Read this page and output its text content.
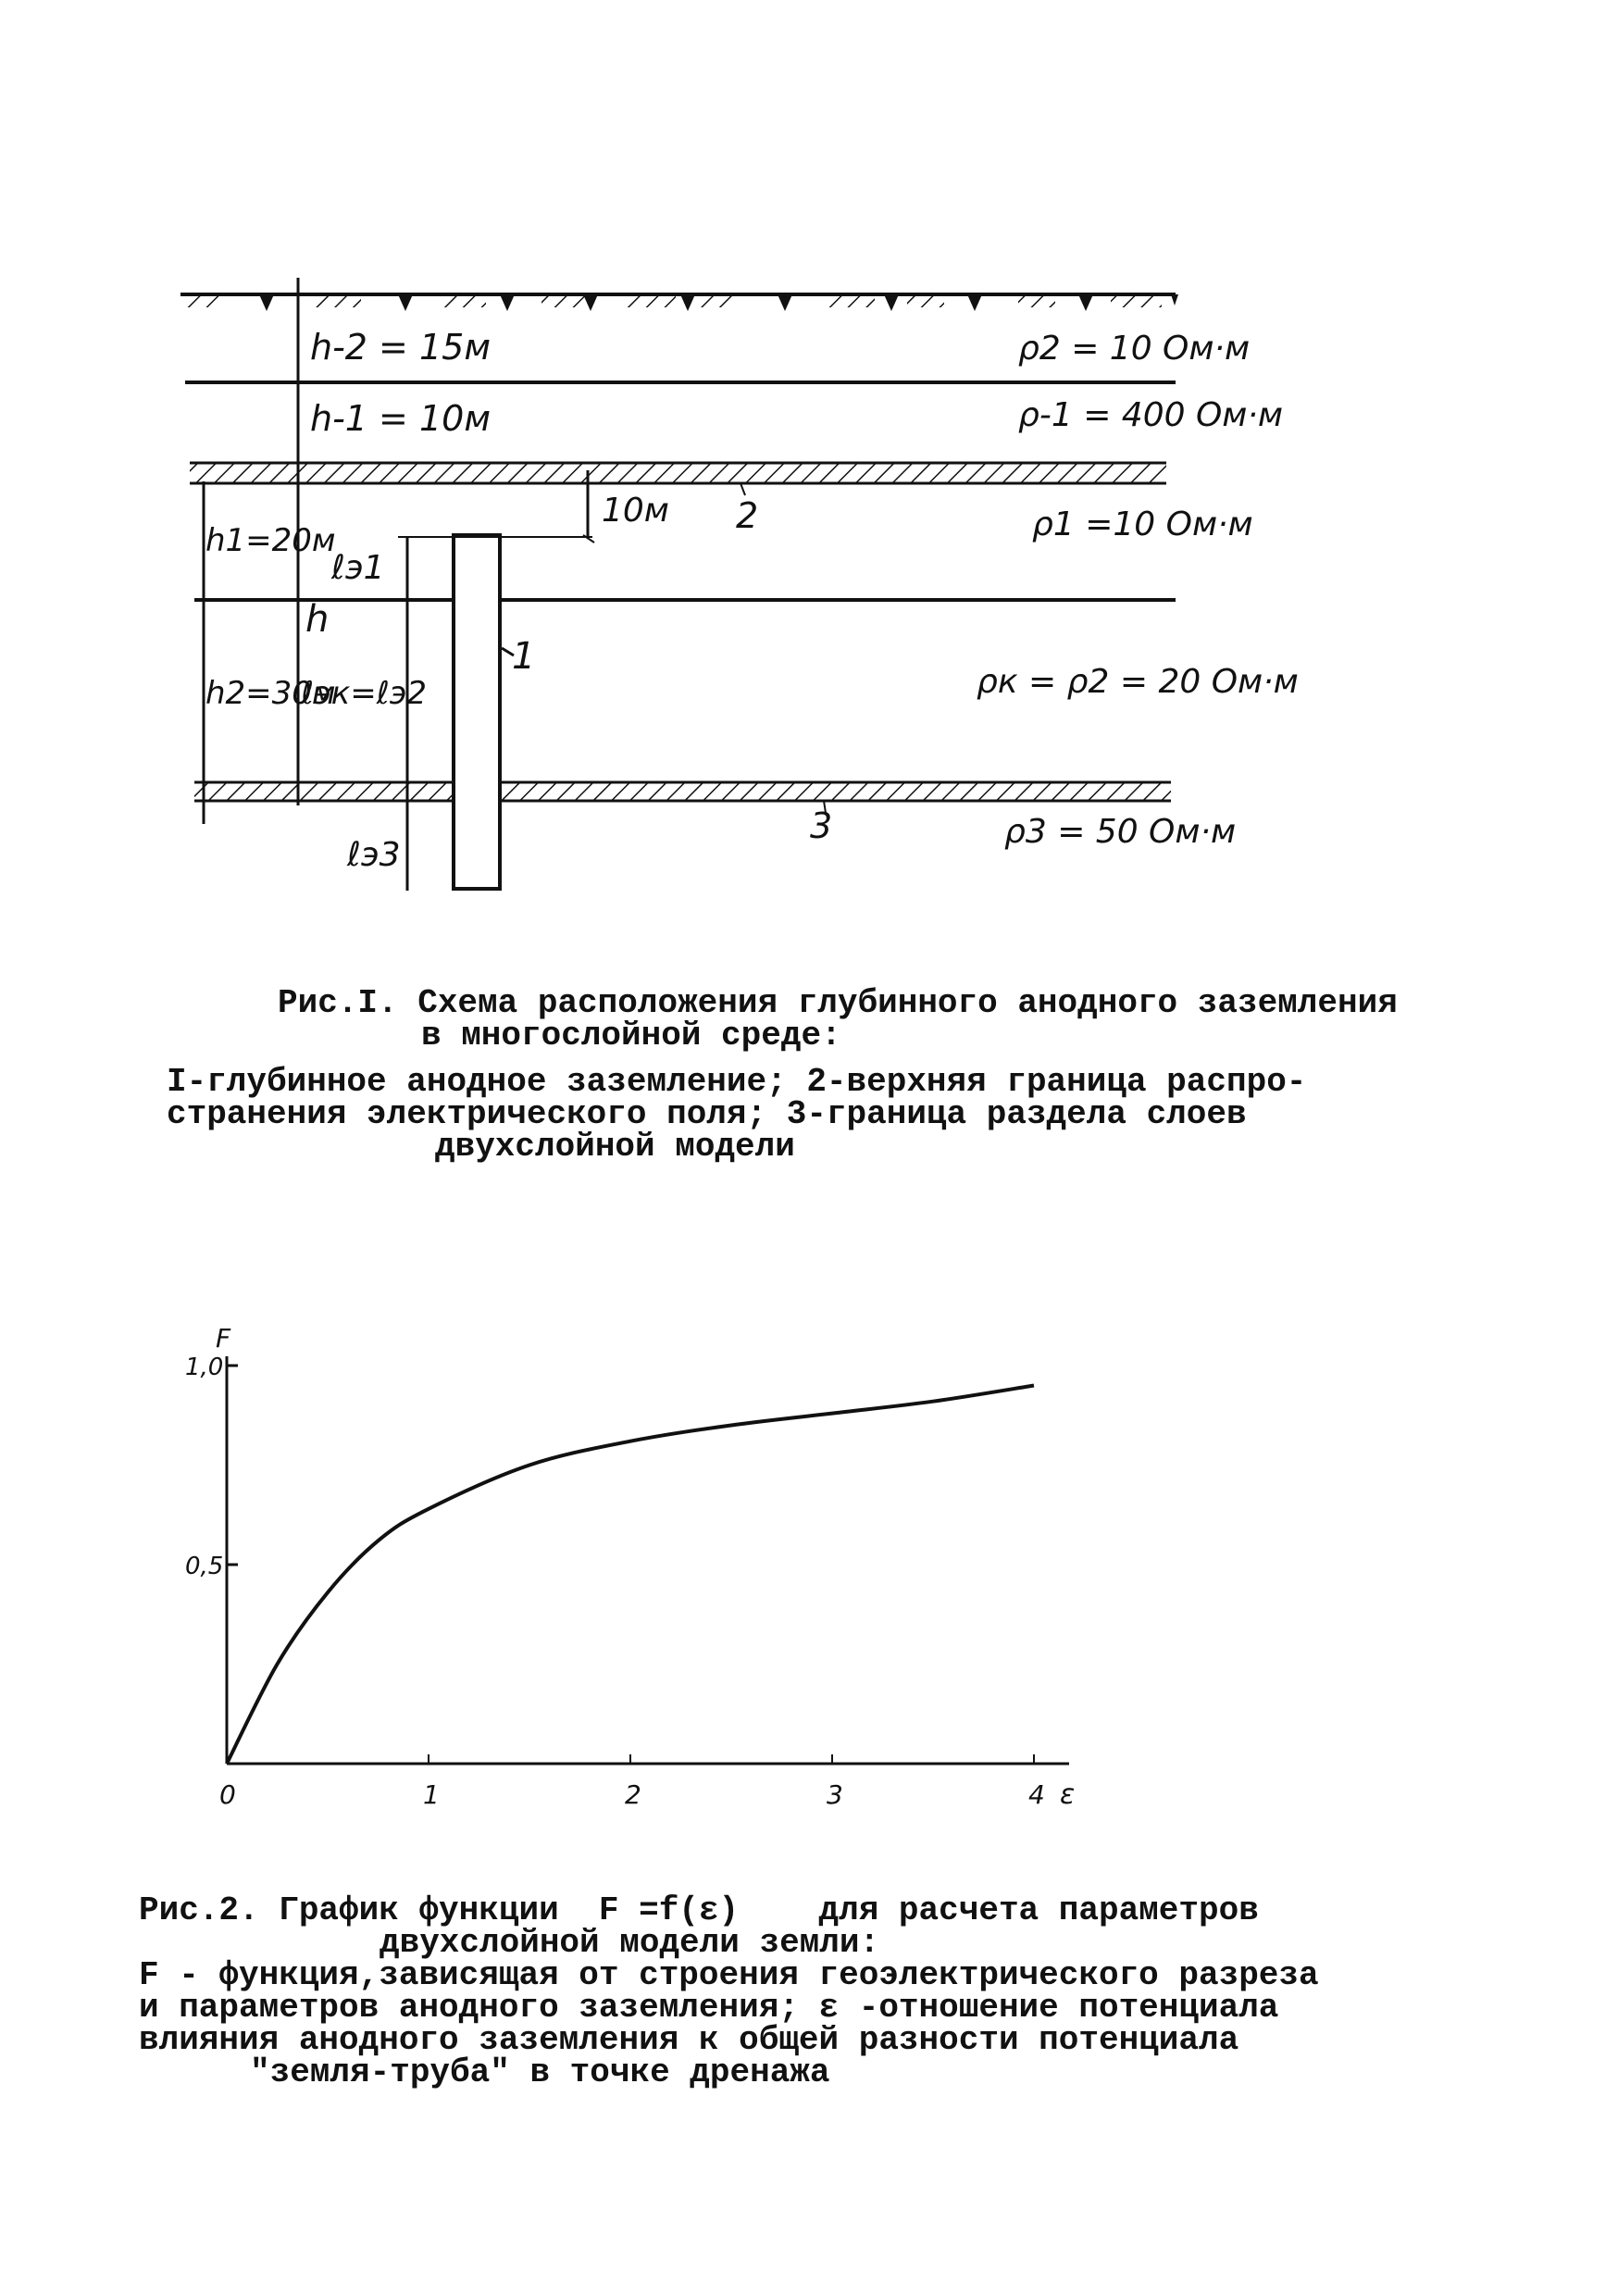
h-2 = 15м	ρ2 = 10 Ом·м
h-1 = 10м	ρ-1 = 400 Ом·м
10м 2	ρ1 =10 Ом·м
h1=20м
ℓэ1
h
1
ρк = ρ2 = 20 Ом·м
h2=30м
ℓэк=ℓэ2
3	ρ3 = 50 Ом·м
ℓэ3
Рис.I. Схема расположения глубинного анодного заземления
в многослойной среде:
I-глубинное анодное заземление; 2-верхняя граница распро-
странения электрического поля; 3-граница раздела слоев
двухслойной модели
F
ε
0	1	2	3	4
0,5
1,0
Рис.2. График функции  F =f(ε)    для расчета параметров
двухслойной модели земли:
F - функция,зависящая от строения геоэлектрического разреза
и параметров анодного заземления; ε -отношение потенциала
влияния анодного заземления к общей разности потенциала
"земля-труба" в точке дренажа
